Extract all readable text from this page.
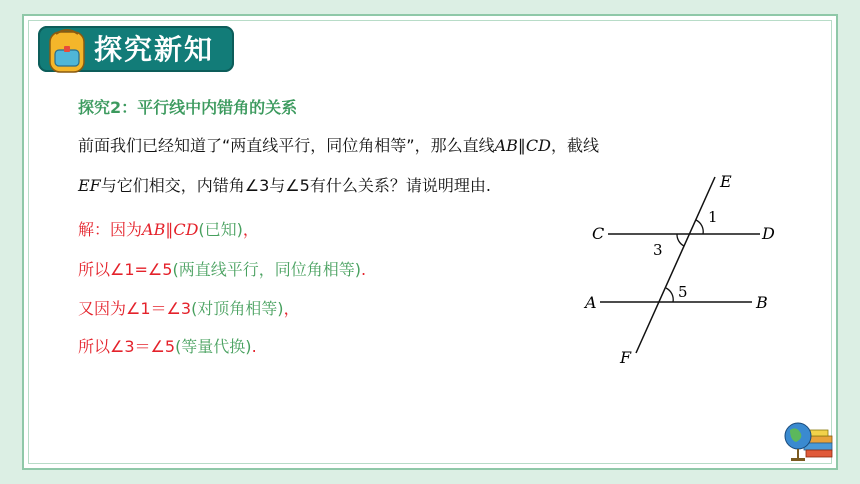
探究新知
探究2：平行线中内错角的关系
前面我们已经知道了“两直线平行，同位角相等”，那么直线AB∥CD，截线
EF与它们相交，内错角∠3与∠5有什么关系？请说明理由.
解：因为AB∥CD(已知)，
所以∠1=∠5(两直线平行，同位角相等).
又因为∠1＝∠3(对顶角相等)，
所以∠3＝∠5(等量代换).
E
F
C	D
A	B
1
3
5
